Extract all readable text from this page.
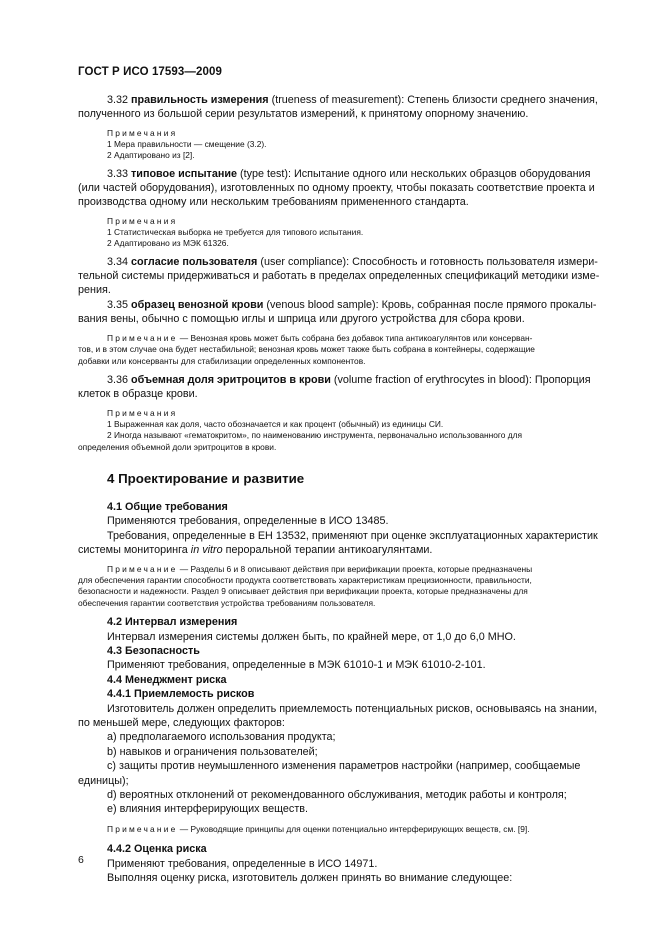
ГОСТ Р ИСО 17593—2009

3.32 правильность измерения (trueness of measurement): Степень близости среднего значения,

полученного из большой серии результатов измерений, к принятому опорному значению.

Примечания

1 Мера правильности — смещение (3.2).

2 Адаптировано из [2].

3.33 типовое испытание (type test): Испытание одного или нескольких образцов оборудования

(или частей оборудования), изготовленных по одному проекту, чтобы показать соответствие проекта и

производства одному или нескольким требованиям примененного стандарта.

Примечания

1 Статистическая выборка не требуется для типового испытания.

2 Адаптировано из МЭК 61326.

3.34 согласие пользователя (user compliance): Способность и готовность пользователя измери-

тельной системы придерживаться и работать в пределах определенных спецификаций методики изме-

рения.

3.35 образец венозной крови (venous blood sample): Кровь, собранная после прямого прокалы-

вания вены, обычно с помощью иглы и шприца или другого устройства для сбора крови.

Примечание — Венозная кровь может быть собрана без добавок типа антикоагулянтов или консерван-

тов, и в этом случае она будет нестабильной; венозная кровь может также быть собрана в контейнеры, содержащие

добавки или консерванты для стабилизации определенных компонентов.

3.36 объемная доля эритроцитов в крови (volume fraction of erythrocytes in blood): Пропорция

клеток в образце крови.

Примечания

1 Выраженная как доля, часто обозначается и как процент (обычный) из единицы СИ.

2 Иногда называют «гематокритом», по наименованию инструмента, первоначально использованного для

определения объемной доли эритроцитов в крови.

4 Проектирование и развитие

4.1 Общие требования

Применяются требования, определенные в ИСО 13485.

Требования, определенные в ЕН 13532, применяют при оценке эксплуатационных характеристик

системы мониторинга in vitro пероральной терапии антикоагулянтами.

Примечание — Разделы 6 и 8 описывают действия при верификации проекта, которые предназначены

для обеспечения гарантии способности продукта соответствовать характеристикам прецизионности, правильности,

безопасности и надежности. Раздел 9 описывает действия при верификации проекта, которые предназначены для

обеспечения гарантии соответствия устройства требованиям пользователя.

4.2 Интервал измерения

Интервал измерения системы должен быть, по крайней мере, от 1,0 до 6,0 МНО.

4.3 Безопасность

Применяют требования, определенные в МЭК 61010-1 и МЭК 61010-2-101.

4.4 Менеджмент риска

4.4.1 Приемлемость рисков

Изготовитель должен определить приемлемость потенциальных рисков, основываясь на знании,

по меньшей мере, следующих факторов:

a) предполагаемого использования продукта;

b) навыков и ограничения пользователей;

c) защиты против неумышленного изменения параметров настройки (например, сообщаемые

единицы);

d) вероятных отклонений от рекомендованного обслуживания, методик работы и контроля;

e) влияния интерферирующих веществ.

Примечание — Руководящие принципы для оценки потенциально интерферирующих веществ, см. [9].

4.4.2 Оценка риска

Применяют требования, определенные в ИСО 14971.

Выполняя оценку риска, изготовитель должен принять во внимание следующее:

6
